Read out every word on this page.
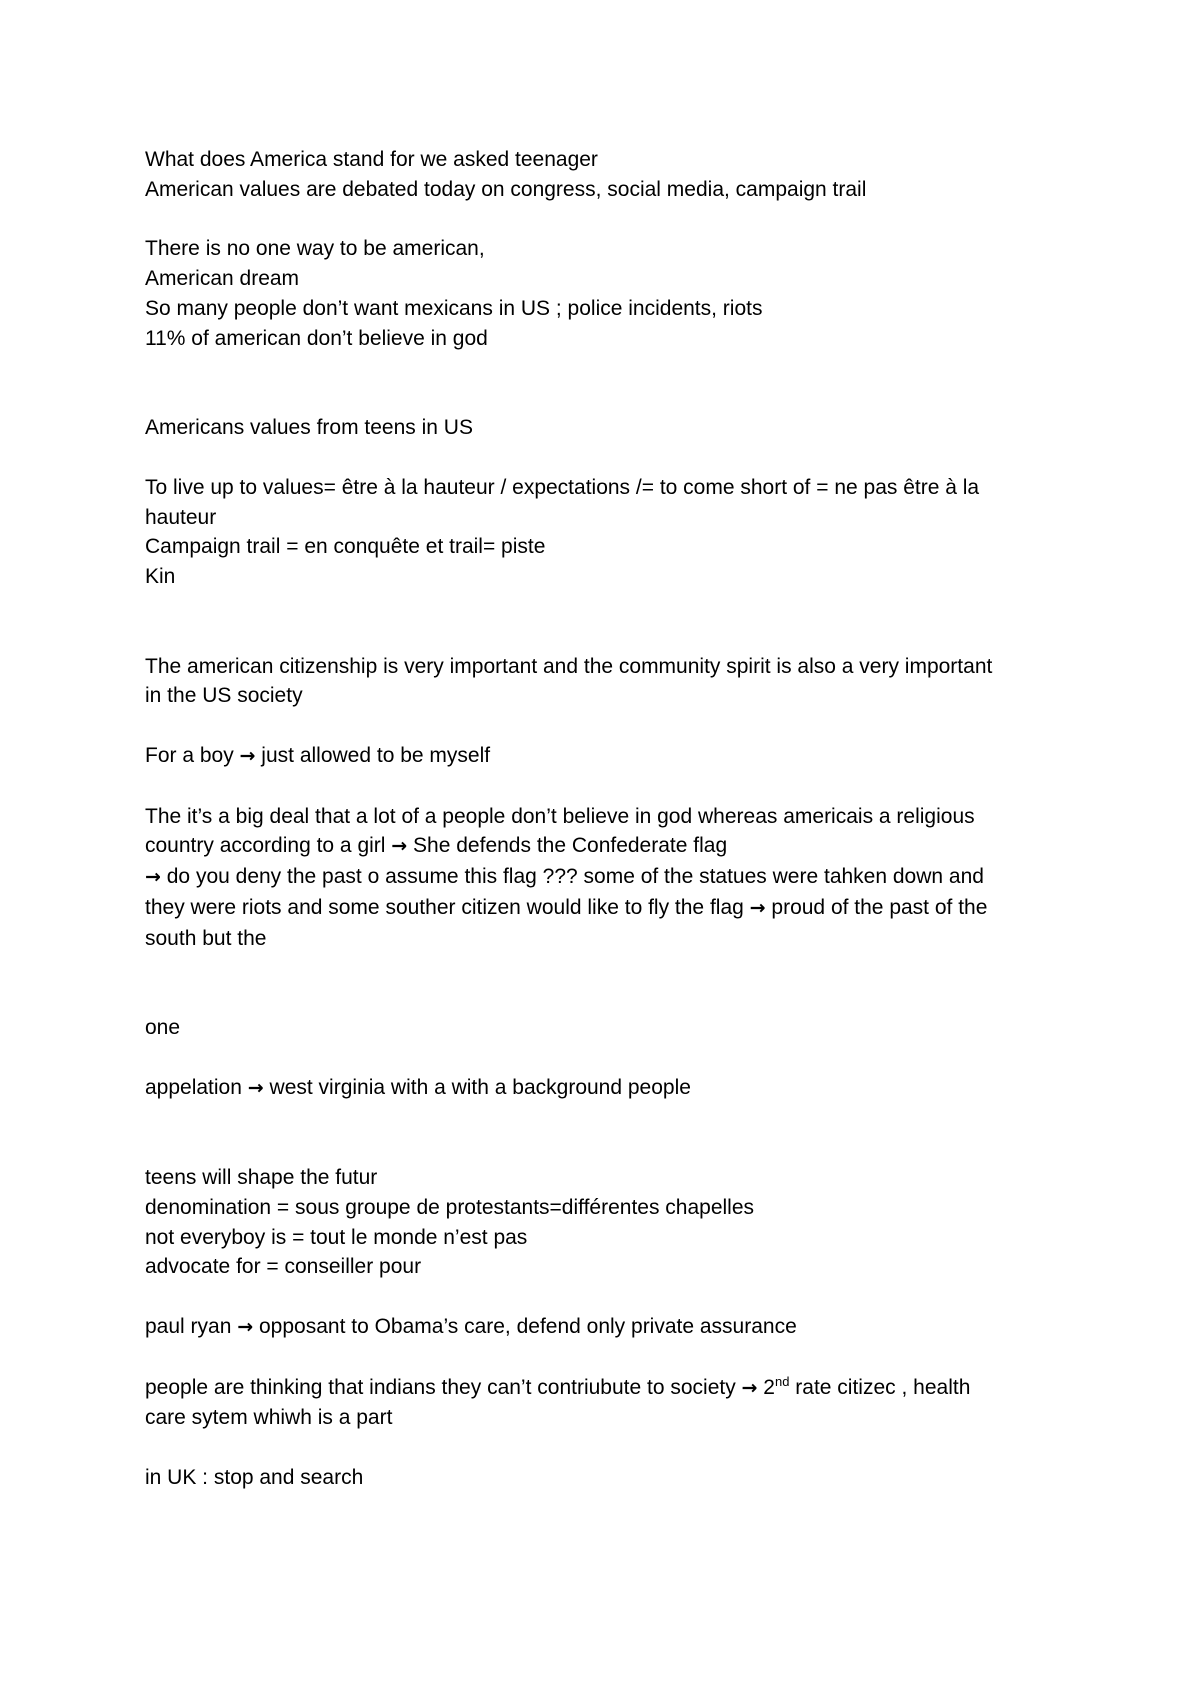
What does America stand for we asked teenager
American values are debated today on congress, social media, campaign trail
There is no one way to be american,
American dream
So many people don’t want mexicans in US ; police incidents, riots
11% of american don’t believe in god
Americans values from teens in US
To live up to values= être à la hauteur / expectations /= to come short of = ne pas être à la
hauteur
Campaign trail = en conquête et trail= piste
Kin
The american citizenship is very important and the community spirit is also a very important
in the US society
For a boy → just allowed to be myself
The it’s a big deal that a lot of a people don’t believe in god whereas americais a religious
country according to a girl → She defends the Confederate flag
→ do you deny the past o assume this flag ??? some of the statues were tahken down and
they were riots and some souther citizen would like to fly the flag → proud of the past of the
south but the
one
appelation → west virginia with a with a background people
teens will shape the futur
denomination = sous groupe de protestants=différentes chapelles
not everyboy is = tout le monde n’est pas
advocate for = conseiller pour
paul ryan → opposant to Obama’s care, defend only private assurance
people are thinking that indians they can’t contriubute to society → 2nd rate citizec , health
care sytem whiwh is a part
in UK : stop and search
